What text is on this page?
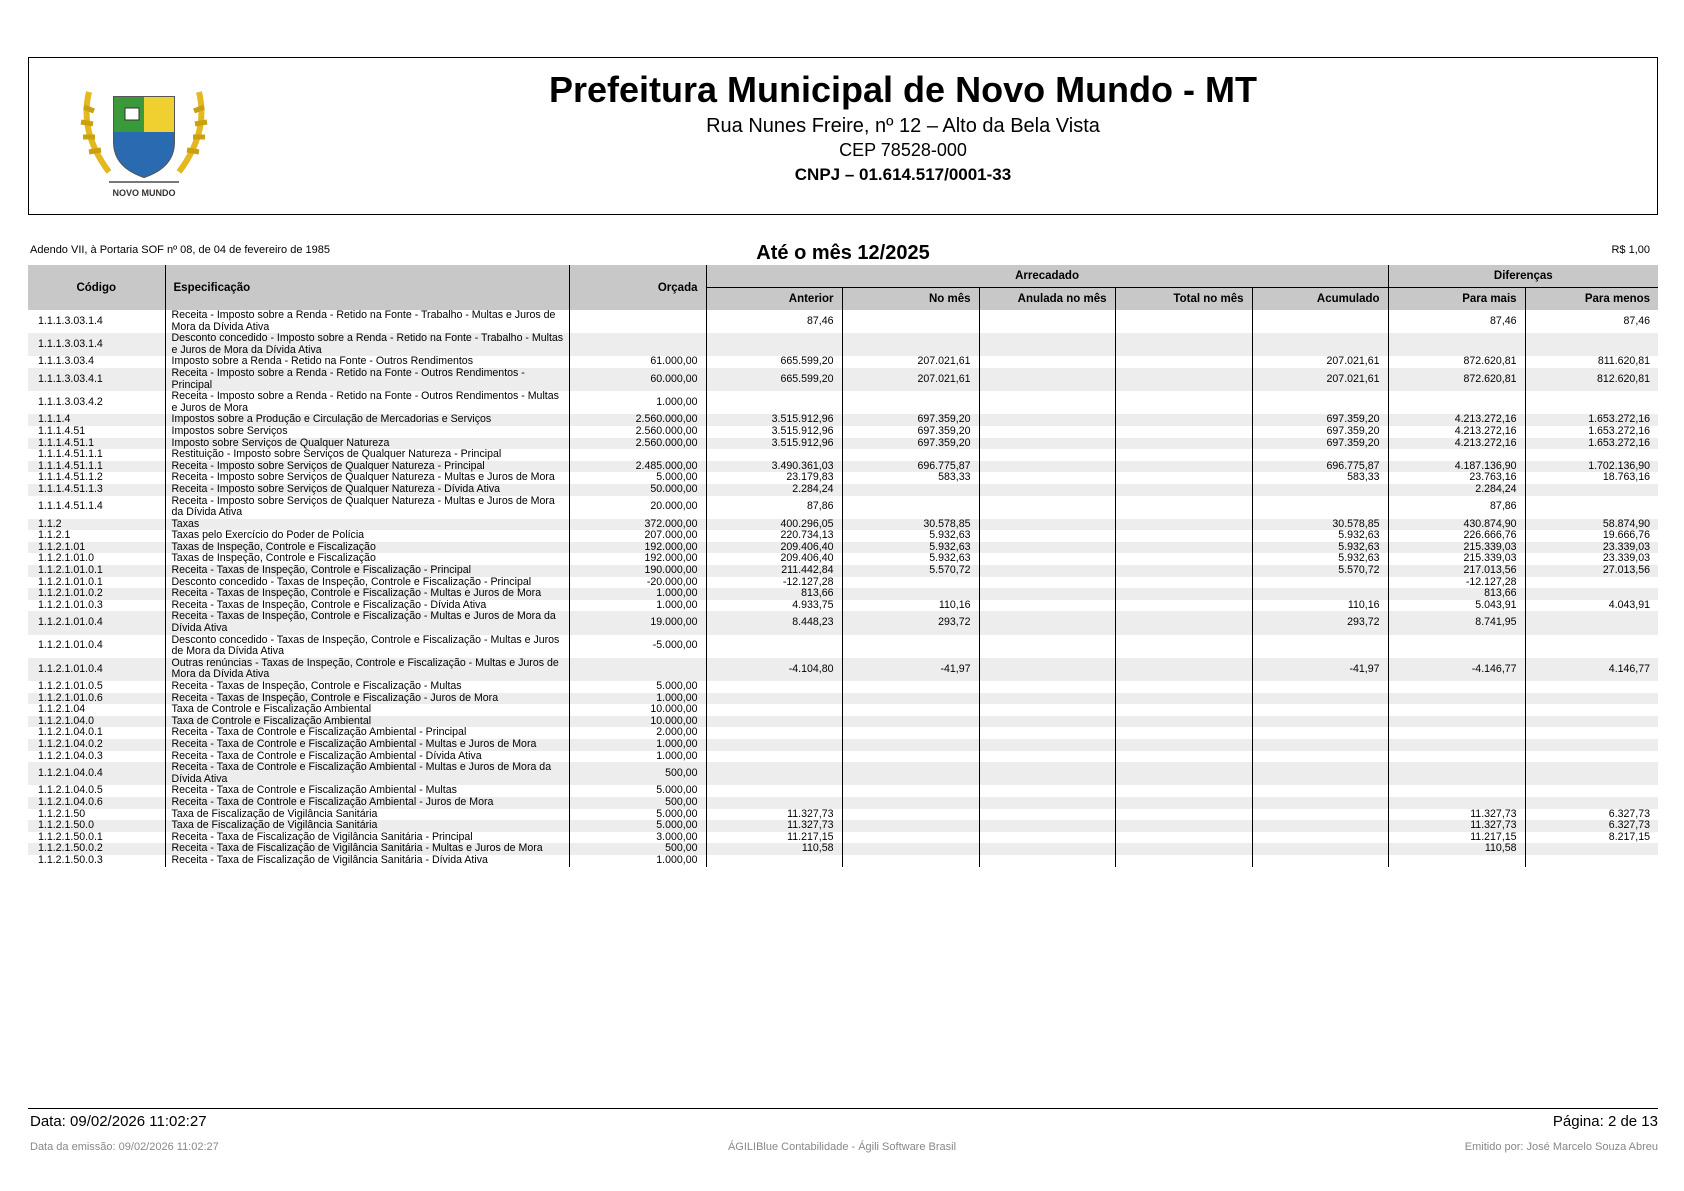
NOVO MUNDO

Prefeitura Municipal de Novo Mundo - MT

Rua Nunes Freire, nº 12 – Alto da Bela Vista

CEP 78528-000

CNPJ – 01.614.517/0001-33

Adendo VII, à Portaria SOF nº 08, de 04 de fevereiro de 1985	Até o mês 12/2025	R$ 1,00
Código	Especificação	Orçada	Arrecadado					Diferenças	
			Anterior	No mês	Anulada no mês	Total no mês	Acumulado	Para mais	Para menos
1.1.1.3.03.1.4	Receita - Imposto sobre a Renda - Retido na Fonte - Trabalho - Multas e Juros de Mora da Dívida Ativa		87,46					87,46	87,46
1.1.1.3.03.1.4	Desconto concedido - Imposto sobre a Renda - Retido na Fonte - Trabalho - Multas e Juros de Mora da Dívida Ativa								
1.1.1.3.03.4	Imposto sobre a Renda - Retido na Fonte - Outros Rendimentos	61.000,00	665.599,20	207.021,61			207.021,61	872.620,81	811.620,81
1.1.1.3.03.4.1	Receita - Imposto sobre a Renda - Retido na Fonte - Outros Rendimentos - Principal	60.000,00	665.599,20	207.021,61			207.021,61	872.620,81	812.620,81
1.1.1.3.03.4.2	Receita - Imposto sobre a Renda - Retido na Fonte - Outros Rendimentos - Multas e Juros de Mora	1.000,00							
1.1.1.4	Impostos sobre a Produção e Circulação de Mercadorias e Serviços	2.560.000,00	3.515.912,96	697.359,20			697.359,20	4.213.272,16	1.653.272,16
1.1.1.4.51	Impostos sobre Serviços	2.560.000,00	3.515.912,96	697.359,20			697.359,20	4.213.272,16	1.653.272,16
1.1.1.4.51.1	Imposto sobre Serviços de Qualquer Natureza	2.560.000,00	3.515.912,96	697.359,20			697.359,20	4.213.272,16	1.653.272,16
1.1.1.4.51.1.1	Restituição - Imposto sobre Serviços de Qualquer Natureza - Principal								
1.1.1.4.51.1.1	Receita - Imposto sobre Serviços de Qualquer Natureza - Principal	2.485.000,00	3.490.361,03	696.775,87			696.775,87	4.187.136,90	1.702.136,90
1.1.1.4.51.1.2	Receita - Imposto sobre Serviços de Qualquer Natureza - Multas e Juros de Mora	5.000,00	23.179,83	583,33			583,33	23.763,16	18.763,16
1.1.1.4.51.1.3	Receita - Imposto sobre Serviços de Qualquer Natureza - Dívida Ativa	50.000,00	2.284,24					2.284,24	
1.1.1.4.51.1.4	Receita - Imposto sobre Serviços de Qualquer Natureza - Multas e Juros de Mora da Dívida Ativa	20.000,00	87,86					87,86	
1.1.2	Taxas	372.000,00	400.296,05	30.578,85			30.578,85	430.874,90	58.874,90
1.1.2.1	Taxas pelo Exercício do Poder de Polícia	207.000,00	220.734,13	5.932,63			5.932,63	226.666,76	19.666,76
1.1.2.1.01	Taxas de Inspeção, Controle e Fiscalização	192.000,00	209.406,40	5.932,63			5.932,63	215.339,03	23.339,03
1.1.2.1.01.0	Taxas de Inspeção, Controle e Fiscalização	192.000,00	209.406,40	5.932,63			5.932,63	215.339,03	23.339,03
1.1.2.1.01.0.1	Receita - Taxas de Inspeção, Controle e Fiscalização - Principal	190.000,00	211.442,84	5.570,72			5.570,72	217.013,56	27.013,56
1.1.2.1.01.0.1	Desconto concedido - Taxas de Inspeção, Controle e Fiscalização - Principal	-20.000,00	-12.127,28					-12.127,28	
1.1.2.1.01.0.2	Receita - Taxas de Inspeção, Controle e Fiscalização - Multas e Juros de Mora	1.000,00	813,66					813,66	
1.1.2.1.01.0.3	Receita - Taxas de Inspeção, Controle e Fiscalização - Dívida Ativa	1.000,00	4.933,75	110,16			110,16	5.043,91	4.043,91
1.1.2.1.01.0.4	Receita - Taxas de Inspeção, Controle e Fiscalização - Multas e Juros de Mora da Dívida Ativa	19.000,00	8.448,23	293,72			293,72	8.741,95	
1.1.2.1.01.0.4	Desconto concedido - Taxas de Inspeção, Controle e Fiscalização - Multas e Juros de Mora da Dívida Ativa	-5.000,00							
1.1.2.1.01.0.4	Outras renúncias - Taxas de Inspeção, Controle e Fiscalização - Multas e Juros de Mora da Dívida Ativa		-4.104,80	-41,97			-41,97	-4.146,77	4.146,77
1.1.2.1.01.0.5	Receita - Taxas de Inspeção, Controle e Fiscalização - Multas	5.000,00							
1.1.2.1.01.0.6	Receita - Taxas de Inspeção, Controle e Fiscalização - Juros de Mora	1.000,00							
1.1.2.1.04	Taxa de Controle e Fiscalização Ambiental	10.000,00							
1.1.2.1.04.0	Taxa de Controle e Fiscalização Ambiental	10.000,00							
1.1.2.1.04.0.1	Receita - Taxa de Controle e Fiscalização Ambiental - Principal	2.000,00							
1.1.2.1.04.0.2	Receita - Taxa de Controle e Fiscalização Ambiental - Multas e Juros de Mora	1.000,00							
1.1.2.1.04.0.3	Receita - Taxa de Controle e Fiscalização Ambiental - Dívida Ativa	1.000,00							
1.1.2.1.04.0.4	Receita - Taxa de Controle e Fiscalização Ambiental - Multas e Juros de Mora da Dívida Ativa	500,00							
1.1.2.1.04.0.5	Receita - Taxa de Controle e Fiscalização Ambiental - Multas	5.000,00							
1.1.2.1.04.0.6	Receita - Taxa de Controle e Fiscalização Ambiental - Juros de Mora	500,00							
1.1.2.1.50	Taxa de Fiscalização de Vigilância Sanitária	5.000,00	11.327,73					11.327,73	6.327,73
1.1.2.1.50.0	Taxa de Fiscalização de Vigilância Sanitária	5.000,00	11.327,73					11.327,73	6.327,73
1.1.2.1.50.0.1	Receita - Taxa de Fiscalização de Vigilância Sanitária - Principal	3.000,00	11.217,15					11.217,15	8.217,15
1.1.2.1.50.0.2	Receita - Taxa de Fiscalização de Vigilância Sanitária - Multas e Juros de Mora	500,00	110,58					110,58	
1.1.2.1.50.0.3	Receita - Taxa de Fiscalização de Vigilância Sanitária - Dívida Ativa	1.000,00							
Data: 09/02/2026 11:02:27	Página: 2 de 13
Data da emissão: 09/02/2026 11:02:27	ÁGILIBlue Contabilidade - Ágili Software Brasil	Emitido por: José Marcelo Souza Abreu
